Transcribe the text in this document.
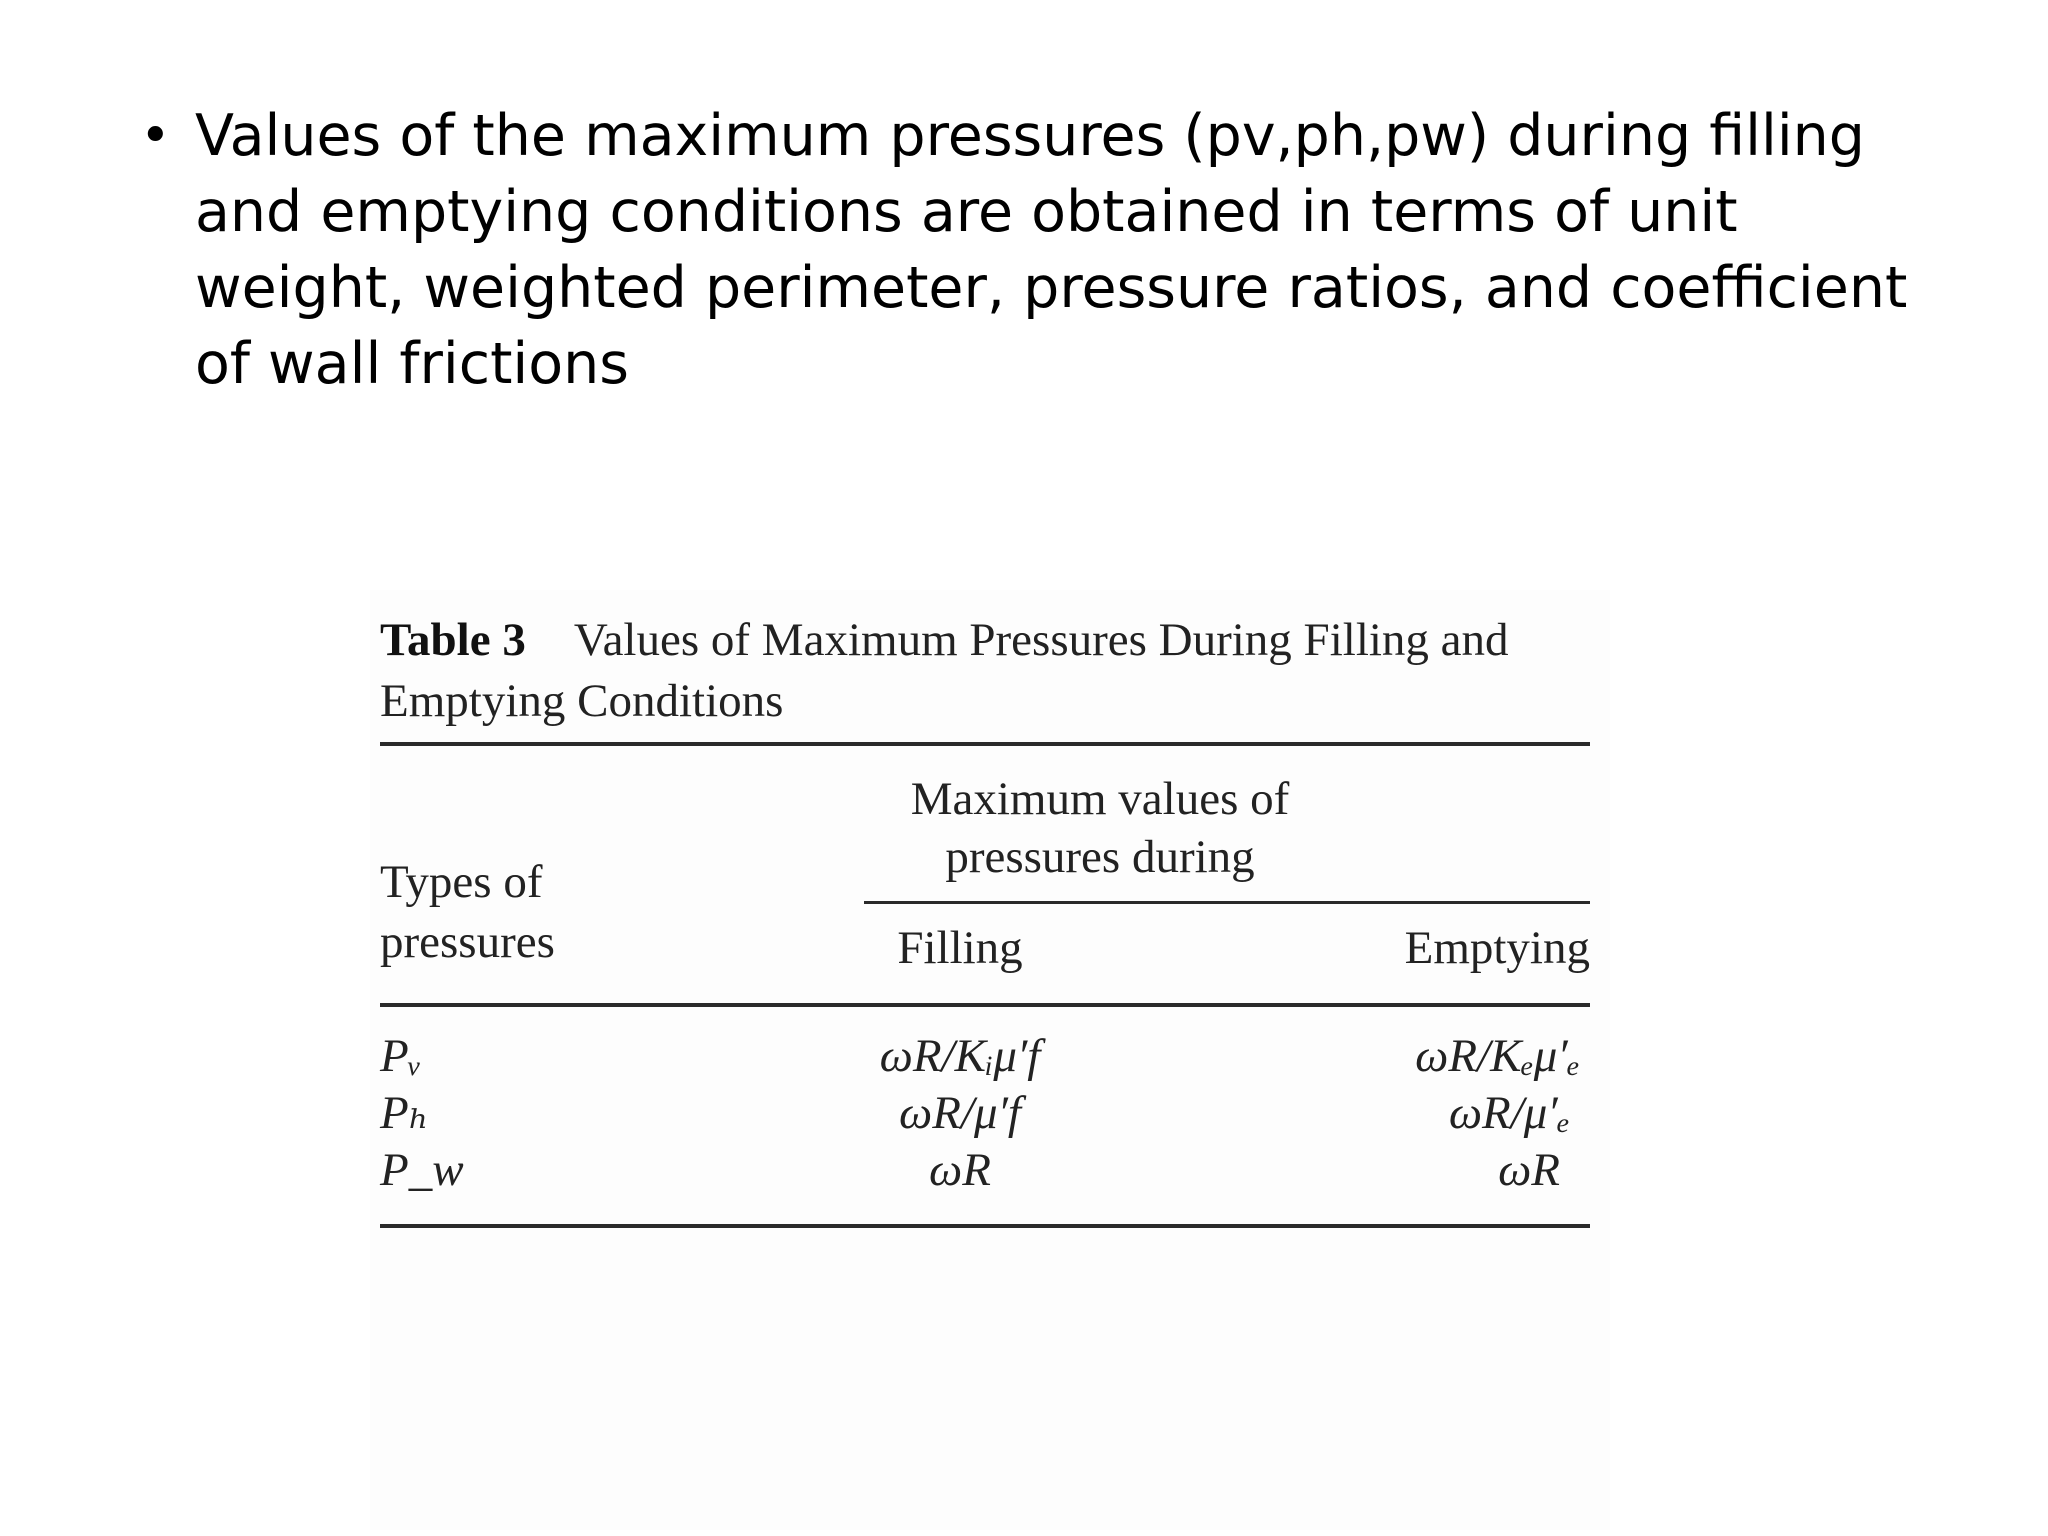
• Values of the maximum pressures (pv,ph,pw) during filling and emptying conditions are obtained in terms of unit weight, weighted perimeter, pressure ratios, and coefficient of wall frictions
Table 3 Values of Maximum Pressures During Filling and Emptying Conditions
Maximum values of pressures during
Types of pressures	Filling	Emptying
Pᵥ	ωR/Kᵢμ′f	ωR/Kₑμ′ₑ
Pₕ	ωR/μ′f	ωR/μ′ₑ
P_w	ωR	ωR
